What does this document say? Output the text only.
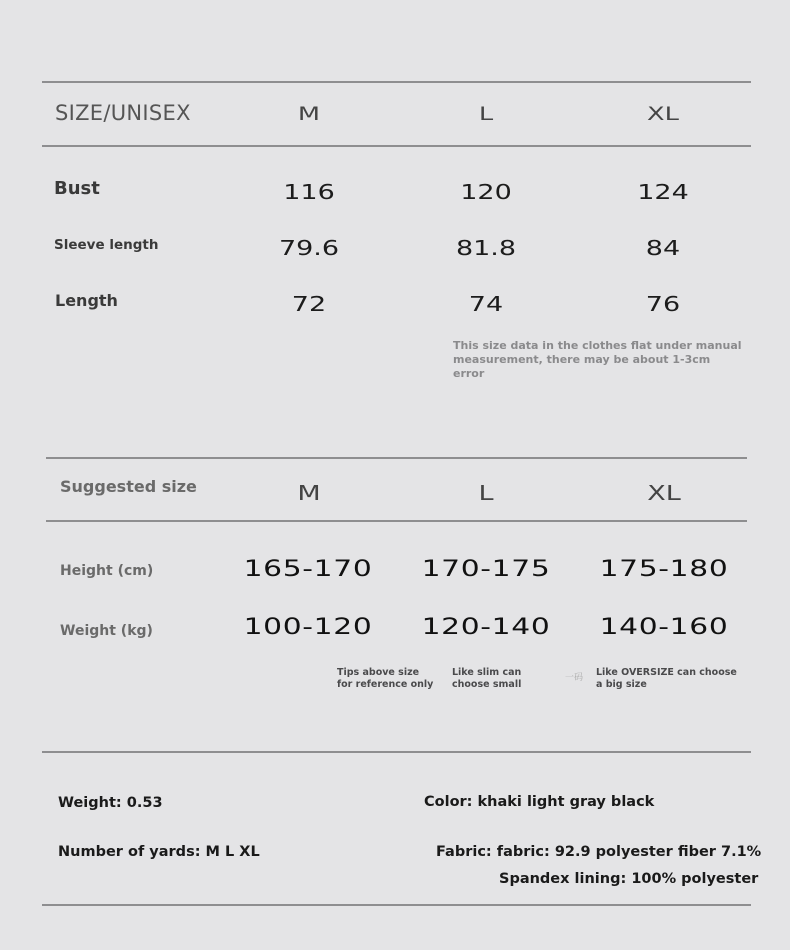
SIZE/UNISEX	M	L	XL
Bust	116	120	124
Sleeve length	79.6	81.8	84
Length	72	74	76
This size data in the clothes flat under manual measurement, there may be about 1-3cm error
Suggested size	M	L	XL
Height (cm)	165-170	170-175	175-180
Weight (kg)	100-120	120-140	140-160
Tips above size for reference only
Like slim can choose small
一码 Like OVERSIZE can choose a big size
Weight: 0.53	Color: khaki light gray black
Number of yards: M L XL	Fabric: fabric: 92.9 polyester fiber 7.1%
Spandex lining: 100% polyester
